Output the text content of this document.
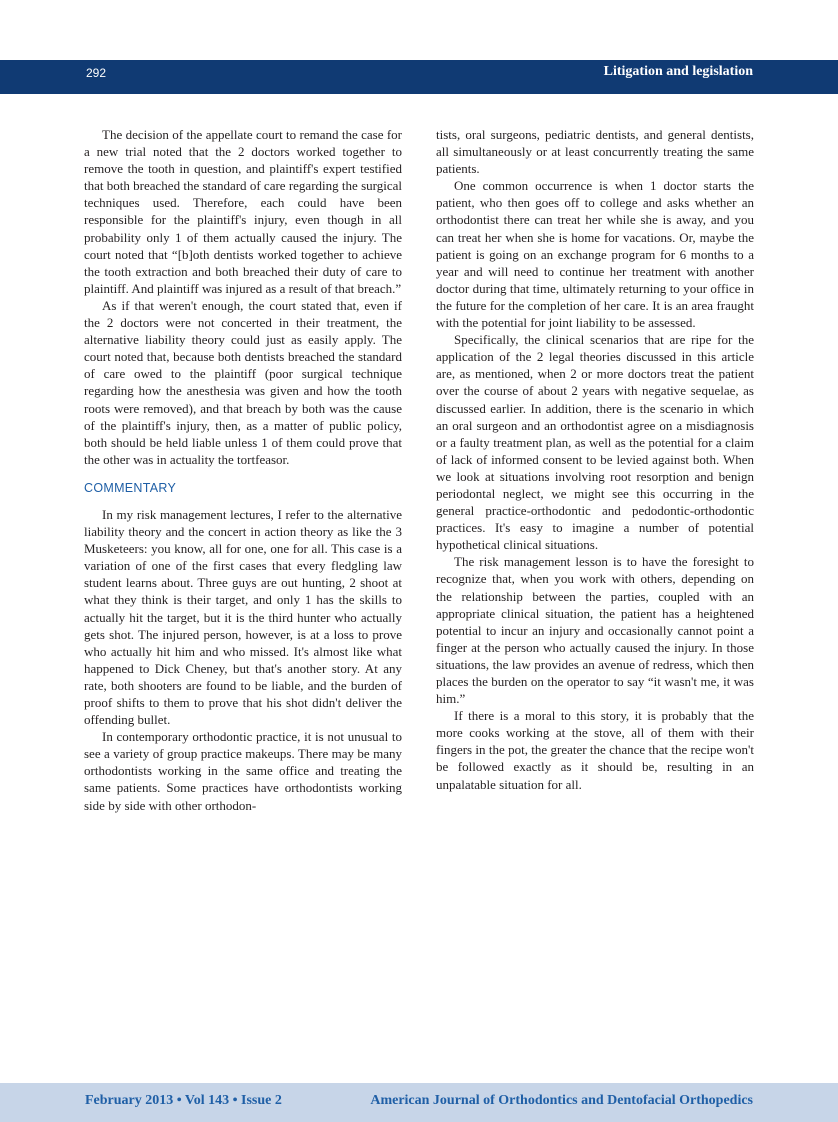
292	Litigation and legislation

The decision of the appellate court to remand the case for a new trial noted that the 2 doctors worked together to remove the tooth in question, and plaintiff's expert testified that both breached the standard of care regarding the surgical techniques used. Therefore, each could have been responsible for the plaintiff's injury, even though in all probability only 1 of them actually caused the injury. The court noted that “[b]oth dentists worked together to achieve the tooth extraction and both breached their duty of care to plaintiff. And plaintiff was injured as a result of that breach.”

As if that weren't enough, the court stated that, even if the 2 doctors were not concerted in their treatment, the alternative liability theory could just as easily apply. The court noted that, because both dentists breached the standard of care owed to the plaintiff (poor surgical technique regarding how the anesthesia was given and how the tooth roots were removed), and that breach by both was the cause of the plaintiff's injury, then, as a matter of public policy, both should be held liable unless 1 of them could prove that the other was in actuality the tortfeasor.

COMMENTARY

In my risk management lectures, I refer to the alternative liability theory and the concert in action theory as like the 3 Musketeers: you know, all for one, one for all. This case is a variation of one of the first cases that every fledgling law student learns about. Three guys are out hunting, 2 shoot at what they think is their target, and only 1 has the skills to actually hit the target, but it is the third hunter who actually gets shot. The injured person, however, is at a loss to prove who actually hit him and who missed. It's almost like what happened to Dick Cheney, but that's another story. At any rate, both shooters are found to be liable, and the burden of proof shifts to them to prove that his shot didn't deliver the offending bullet.

In contemporary orthodontic practice, it is not unusual to see a variety of group practice makeups. There may be many orthodontists working in the same office and treating the same patients. Some practices have orthodontists working side by side with other orthodon-

tists, oral surgeons, pediatric dentists, and general dentists, all simultaneously or at least concurrently treating the same patients.

One common occurrence is when 1 doctor starts the patient, who then goes off to college and asks whether an orthodontist there can treat her while she is away, and you can treat her when she is home for vacations. Or, maybe the patient is going on an exchange program for 6 months to a year and will need to continue her treatment with another doctor during that time, ultimately returning to your office in the future for the completion of her care. It is an area fraught with the potential for joint liability to be assessed.

Specifically, the clinical scenarios that are ripe for the application of the 2 legal theories discussed in this article are, as mentioned, when 2 or more doctors treat the patient over the course of about 2 years with negative sequelae, as discussed earlier. In addition, there is the scenario in which an oral surgeon and an orthodontist agree on a misdiagnosis or a faulty treatment plan, as well as the potential for a claim of lack of informed consent to be levied against both. When we look at situations involving root resorption and benign periodontal neglect, we might see this occurring in the general practice-orthodontic and pedodontic-orthodontic practices. It's easy to imagine a number of potential hypothetical clinical situations.

The risk management lesson is to have the foresight to recognize that, when you work with others, depending on the relationship between the parties, coupled with an appropriate clinical situation, the patient has a heightened potential to incur an injury and occasionally cannot point a finger at the person who actually caused the injury. In those situations, the law provides an avenue of redress, which then places the burden on the operator to say “it wasn't me, it was him.”

If there is a moral to this story, it is probably that the more cooks working at the stove, all of them with their fingers in the pot, the greater the chance that the recipe won't be followed exactly as it should be, resulting in an unpalatable situation for all.

February 2013 • Vol 143 • Issue 2	American Journal of Orthodontics and Dentofacial Orthopedics
